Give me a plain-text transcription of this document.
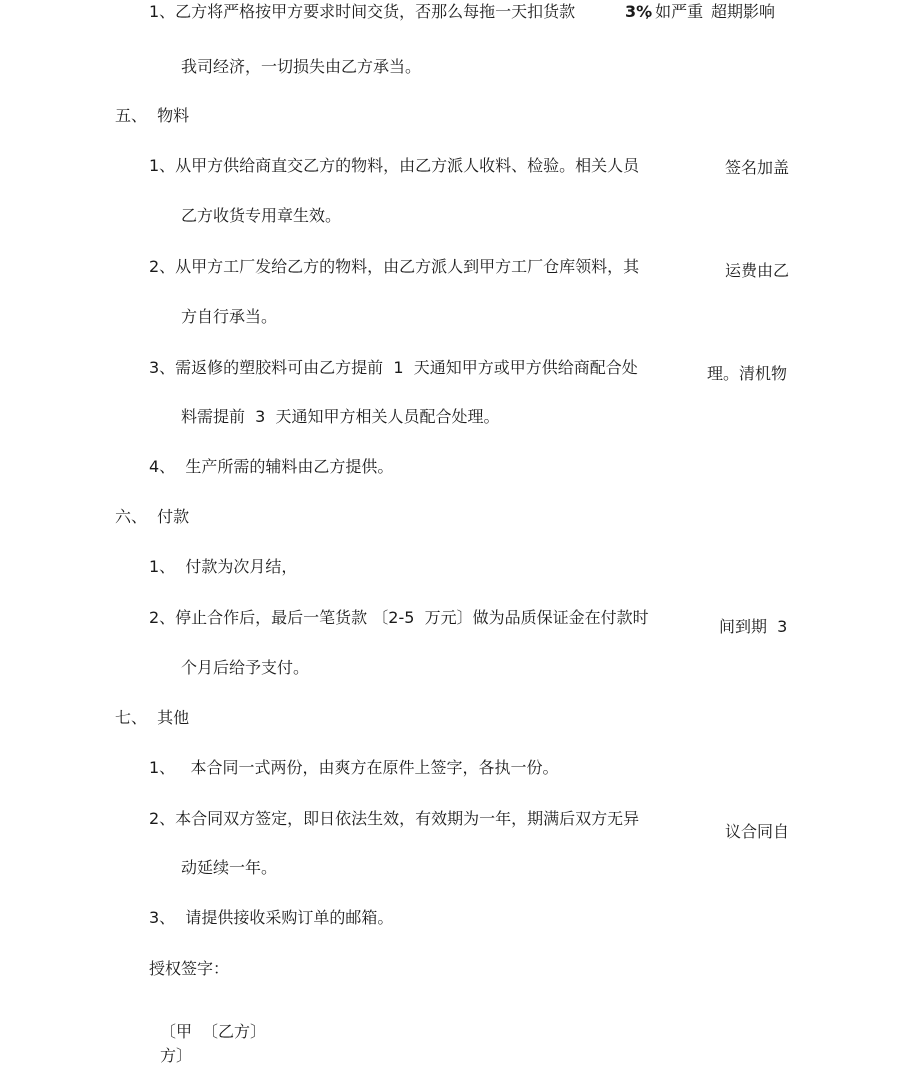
1、乙方将严格按甲方要求时间交货，否那么每拖一天扣货款	3%
, 如严重 超期影响
我司经济，一切损失由乙方承当。
五、  物料
1、从甲方供给商直交乙方的物料，由乙方派人收料、检验。相关人员	签名加盖
乙方收货专用章生效。
2、从甲方工厂发给乙方的物料，由乙方派人到甲方工厂仓库领料，其	运费由乙
方自行承当。
3、需返修的塑胶料可由乙方提前  1  天通知甲方或甲方供给商配合处	理。清机物
料需提前  3  天通知甲方相关人员配合处理。
4、  生产所需的辅料由乙方提供。
六、  付款
1、  付款为次月结，
2、停止合作后，最后一笔货款 〔2-5  万元〕做为品质保证金在付款时	间到期  3
个月后给予支付。
七、  其他
1、   本合同一式两份，由爽方在原件上签字，各执一份。
2、本合同双方签定，即日依法生效，有效期为一年，期满后双方无异
议合同自
动延续一年。
3、  请提供接收采购订单的邮箱。
授权签字：
〔甲 〔乙方〕
方〕
